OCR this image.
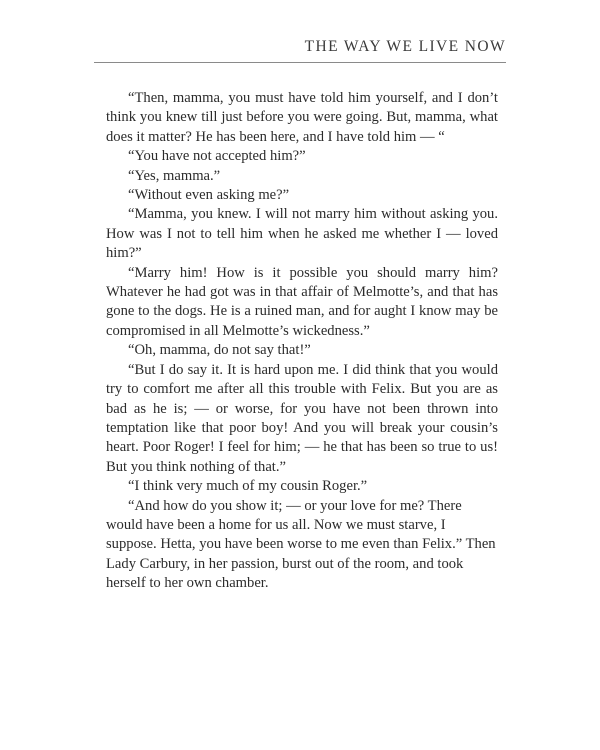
THE WAY WE LIVE NOW

“Then, mamma, you must have told him yourself, and I don’t think you knew till just before you were going. But, mamma, what does it matter? He has been here, and I have told him — “

“You have not accepted him?”

“Yes, mamma.”

“Without even asking me?”

“Mamma, you knew. I will not marry him without asking you. How was I not to tell him when he asked me whether I — loved him?”

“Marry him! How is it possible you should marry him? Whatever he had got was in that affair of Melmotte’s, and that has gone to the dogs. He is a ruined man, and for aught I know may be compromised in all Melmotte’s wickedness.”

“Oh, mamma, do not say that!”

“But I do say it. It is hard upon me. I did think that you would try to comfort me after all this trouble with Felix. But you are as bad as he is; — or worse, for you have not been thrown into temptation like that poor boy! And you will break your cousin’s heart. Poor Roger! I feel for him; — he that has been so true to us! But you think nothing of that.”

“I think very much of my cousin Roger.”

“And how do you show it; — or your love for me? There would have been a home for us all. Now we must starve, I suppose. Hetta, you have been worse to me even than Felix.” Then Lady Carbury, in her passion, burst out of the room, and took herself to her own chamber.
